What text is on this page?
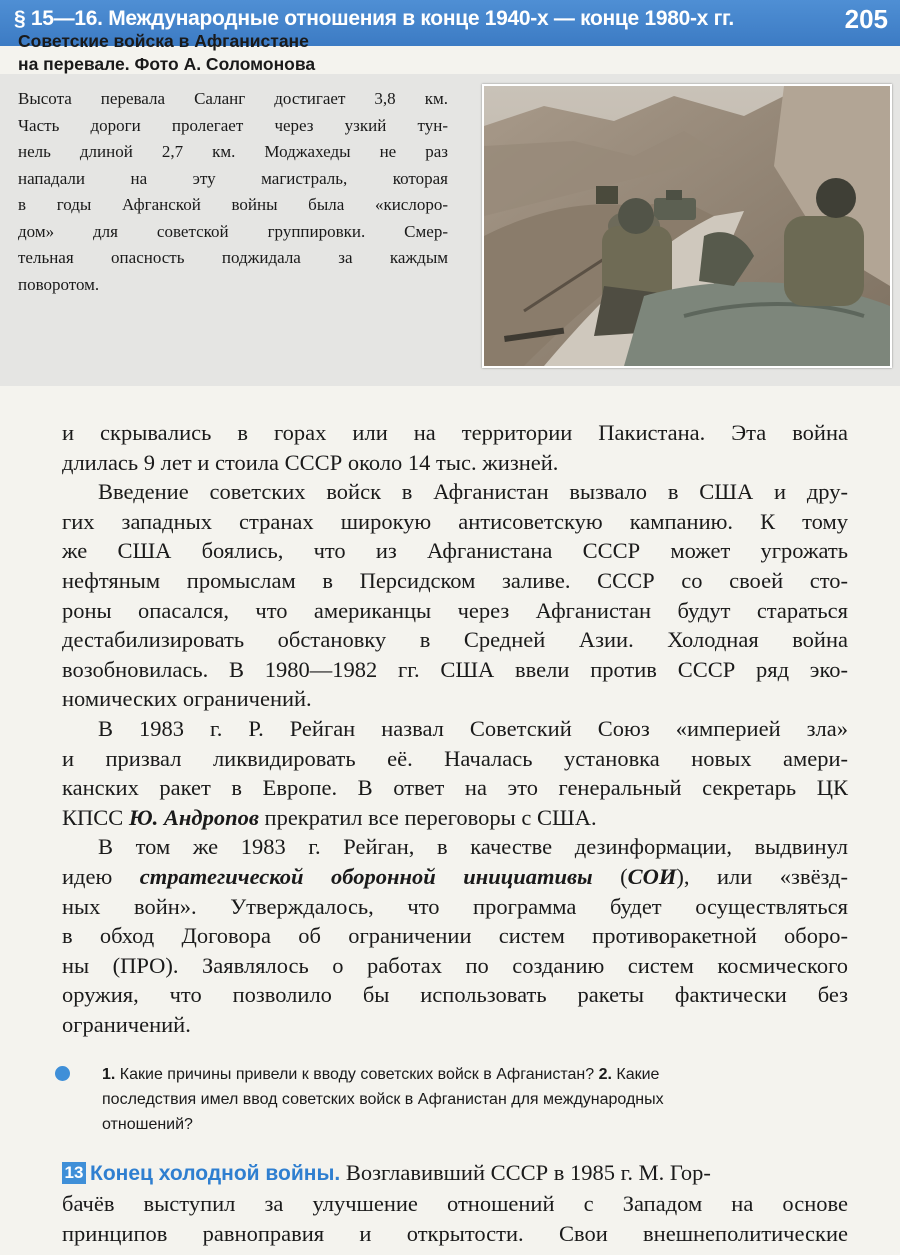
§ 15—16. Международные отношения в конце 1940-х — конце 1980-х гг.	205
Советские войска в Афганистане
на перевале. Фото А. Соломонова
Высота перевала Саланг достигает 3,8 км.
Часть дороги пролегает через узкий тун-
нель длиной 2,7 км. Моджахеды не раз
нападали на эту магистраль, которая
в годы Афганской войны была «кислоро-
дом» для советской группировки. Смер-
тельная опасность поджидала за каждым
поворотом.
и скрывались в горах или на территории Пакистана. Эта война
длилась 9 лет и стоила СССР около 14 тыс. жизней.
Введение советских войск в Афганистан вызвало в США и дру-
гих западных странах широкую антисоветскую кампанию. К тому
же США боялись, что из Афганистана СССР может угрожать
нефтяным промыслам в Персидском заливе. СССР со своей сто-
роны опасался, что американцы через Афганистан будут стараться
дестабилизировать обстановку в Средней Азии. Холодная война
возобновилась. В 1980—1982 гг. США ввели против СССР ряд эко-
номических ограничений.
В 1983 г. Р. Рейган назвал Советский Союз «империей зла»
и призвал ликвидировать её. Началась установка новых амери-
канских ракет в Европе. В ответ на это генеральный секретарь ЦК
КПСС Ю. Андропов прекратил все переговоры с США.
В том же 1983 г. Рейган, в качестве дезинформации, выдвинул
идею стратегической оборонной инициативы (СОИ), или «звёзд-
ных войн». Утверждалось, что программа будет осуществляться
в обход Договора об ограничении систем противоракетной оборо-
ны (ПРО). Заявлялось о работах по созданию систем космического
оружия, что позволило бы использовать ракеты фактически без
ограничений.
1. Какие причины привели к вводу советских войск в Афганистан? 2. Какие
последствия имел ввод советских войск в Афганистан для международных
отношений?
13 Конец холодной войны. Возглавивший СССР в 1985 г. М. Гор-
бачёв выступил за улучшение отношений с Западом на основе
принципов равноправия и открытости. Свои внешнеполитические
